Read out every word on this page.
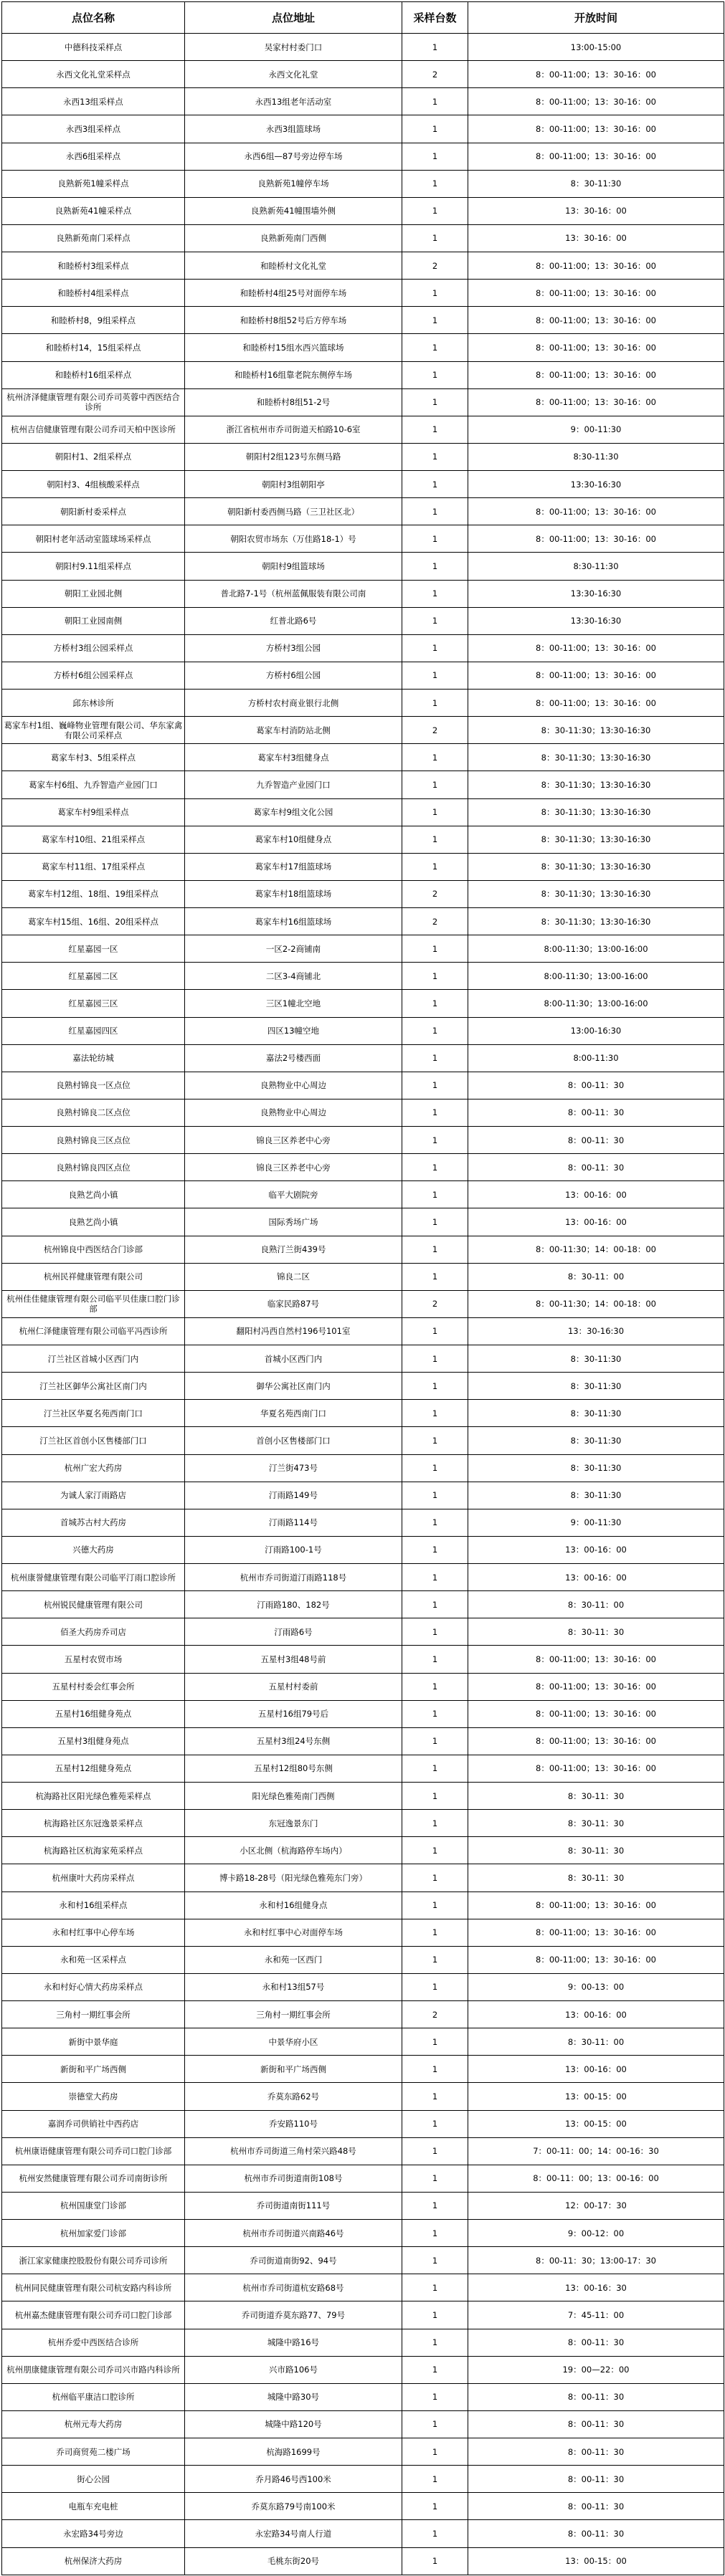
点位名称	点位地址	采样台数	开放时间
中德科技采样点	吴家村村委门口	1	13:00-15:00
永西文化礼堂采样点	永西文化礼堂	2	8：00-11:00；13：30-16：00
永西13组采样点	永西13组老年活动室	1	8：00-11:00；13：30-16：00
永西3组采样点	永西3组篮球场	1	8：00-11:00；13：30-16：00
永西6组采样点	永西6组—87号旁边停车场	1	8：00-11:00；13：30-16：00
良熟新苑1幢采样点	良熟新苑1幢停车场	1	8：30-11:30
良熟新苑41幢采样点	良熟新苑41幢围墙外侧	1	13：30-16：00
良熟新苑南门采样点	良熟新苑南门西侧	1	13：30-16：00
和睦桥村3组采样点	和睦桥村文化礼堂	2	8：00-11:00；13：30-16：00
和睦桥村4组采样点	和睦桥村4组25号对面停车场	1	8：00-11:00；13：30-16：00
和睦桥村8，9组采样点	和睦桥村8组52号后方停车场	1	8：00-11:00；13：30-16：00
和睦桥村14，15组采样点	和睦桥村15组水西兴篮球场	1	8：00-11:00；13：30-16：00
和睦桥村16组采样点	和睦桥村16组靠老院东侧停车场	1	8：00-11:00；13：30-16：00
杭州济泽健康管理有限公司乔司英蓉中西医结合诊所	和睦桥村8组51-2号	1	8：00-11:00；13：30-16：00
杭州吉信健康管理有限公司乔司天柏中医诊所	浙江省杭州市乔司街道天柏路10-6室	1	9：00-11:30
朝阳村1、2组采样点	朝阳村2组123号东侧马路	1	8:30-11:30
朝阳村3、4组核酸采样点	朝阳村3组朝阳亭	1	13:30-16:30
朝阳新村委采样点	朝阳新村委西侧马路（三卫社区北）	1	8：00-11:00；13：30-16：00
朝阳村老年活动室篮球场采样点	朝阳农贸市场东（万佳路18-1）号	1	8：00-11:00；13：30-16：00
朝阳村9.11组采样点	朝阳村9组篮球场	1	8:30-11:30
朝阳工业园北侧	普北路7-1号（杭州蓝佩服装有限公司南	1	13:30-16:30
朝阳工业园南侧	红普北路6号	1	13:30-16:30
方桥村3组公园采样点	方桥村3组公园	1	8：00-11:00；13：30-16：00
方桥村6组公园采样点	方桥村6组公园	1	8：00-11:00；13：30-16：00
邱东林诊所	方桥村农村商业银行北侧	1	8：00-11:00；13：30-16：00
葛家车村1组、巍峰物业管理有限公司、华东家禽有限公司采样点	葛家车村消防站北侧	2	8：30-11:30；13:30-16:30
葛家车村3、5组采样点	葛家车村3组健身点	1	8：30-11:30；13:30-16:30
葛家车村6组、九乔智造产业园门口	九乔智造产业园门口	1	8：30-11:30；13:30-16:30
葛家车村9组采样点	葛家车村9组文化公园	1	8：30-11:30；13:30-16:30
葛家车村10组、21组采样点	葛家车村10组健身点	1	8：30-11:30；13:30-16:30
葛家车村11组、17组采样点	葛家车村17组篮球场	1	8：30-11:30；13:30-16:30
葛家车村12组、18组、19组采样点	葛家车村18组篮球场	2	8：30-11:30；13:30-16:30
葛家车村15组、16组、20组采样点	葛家车村16组篮球场	2	8：30-11:30；13:30-16:30
红星嘉园一区	一区2-2商铺南	1	8:00-11:30；13:00-16:00
红星嘉园二区	二区3-4商铺北	1	8:00-11:30；13:00-16:00
红星嘉园三区	三区1幢北空地	1	8:00-11:30；13:00-16:00
红星嘉园四区	四区13幢空地	1	13:00-16:30
嘉法轮纺城	嘉法2号楼西面	1	8:00-11:30
良熟村锦良一区点位	良熟物业中心周边	1	8：00-11：30
良熟村锦良二区点位	良熟物业中心周边	1	8：00-11：30
良熟村锦良三区点位	锦良三区养老中心旁	1	8：00-11：30
良熟村锦良四区点位	锦良三区养老中心旁	1	8：00-11：30
良熟艺尚小镇	临平大剧院旁	1	13：00-16：00
良熟艺尚小镇	国际秀场广场	1	13：00-16：00
杭州锦良中西医结合门诊部	良熟汀兰街439号	1	8：00-11:30；14：00-18：00
杭州民祥健康管理有限公司	锦良二区	1	8：30-11：00
杭州佳佳健康管理有限公司临平贝佳康口腔门诊部	临家民路87号	2	8：00-11:30；14：00-18：00
杭州仁泽健康管理有限公司临平冯西诊所	翻阳村冯西自然村196号101室	1	13：30-16:30
汀兰社区首城小区西门内	首城小区西门内	1	8：30-11:30
汀兰社区御华公寓社区南门内	御华公寓社区南门内	1	8：30-11:30
汀兰社区华夏名苑西南门口	华夏名苑西南门口	1	8：30-11:30
汀兰社区首创小区售楼部门口	首创小区售楼部门口	1	8：30-11:30
杭州广宏大药房	汀兰街473号	1	8：30-11:30
为诚人家汀雨路店	汀雨路149号	1	8：30-11:30
首城苏古村大药房	汀雨路114号	1	9：00-11:30
兴德大药房	汀雨路100-1号	1	13：00-16：00
杭州康誉健康管理有限公司临平汀雨口腔诊所	杭州市乔司街道汀雨路118号	1	13：00-16：00
杭州锐民健康管理有限公司	汀雨路180、182号	1	8：30-11：00
佰圣大药房乔司店	汀雨路6号	1	8：30-11：30
五星村农贸市场	五星村3组48号前	1	8：00-11:00；13：30-16：00
五星村村委会红事会所	五星村村委前	1	8：00-11:00；13：30-16：00
五星村16组健身苑点	五星村16组79号后	1	8：00-11:00；13：30-16：00
五星村3组健身苑点	五星村3组24号东侧	1	8：00-11:00；13：30-16：00
五星村12组健身苑点	五星村12组80号东侧	1	8：00-11:00；13：30-16：00
杭海路社区阳光绿色雅苑采样点	阳光绿色雅苑南门西侧	1	8：30-11：30
杭海路社区东冠逸景采样点	东冠逸景东门	1	8：30-11：30
杭海路社区杭海家苑采样点	小区北侧（杭海路停车场内）	1	8：30-11：30
杭州康叶大药房采样点	博卡路18-28号（阳光绿色雅苑东门旁）	1	8：30-11：30
永和村16组采样点	永和村16组健身点	1	8：00-11:00；13：30-16：00
永和村红事中心停车场	永和村红事中心对面停车场	1	8：00-11:00；13：30-16：00
永和苑一区采样点	永和苑一区西门	1	8：00-11:00；13：30-16：00
永和村好心情大药房采样点	永和村13组57号	1	9：00-13：00
三角村一期红事会所	三角村一期红事会所	2	13：00-16：00
新街中景华庭	中景华府小区	1	8：30-11：00
新街和平广场西侧	新街和平广场西侧	1	13：00-16：00
崇德堂大药房	乔莫东路62号	1	13：00-15：00
嘉润乔司供销社中西药店	乔安路110号	1	13：00-15：00
杭州康语健康管理有限公司乔司口腔门诊部	杭州市乔司街道三角村荣兴路48号	1	7：00-11：00；14：00-16：30
杭州安然健康管理有限公司乔司南街诊所	杭州市乔司街道南街108号	1	8：00-11：00；13：00-16：00
杭州国康堂门诊部	乔司街道南街111号	1	12：00-17：30
杭州加家爱门诊部	杭州市乔司街道兴南路46号	1	9：00-12：00
浙江家家健康控股股份有限公司乔司诊所	乔司街道南街92、94号	1	8：00-11：30；13:00-17：30
杭州同民健康管理有限公司杭安路内科诊所	杭州市乔司街道杭安路68号	1	13：00-16：30
杭州嘉杰健康管理有限公司乔司口腔门诊部	乔司街道乔莫东路77、79号	1	7：45-11：00
杭州乔爱中西医结合诊所	城隆中路16号	1	8：00-11：30
杭州朋康健康管理有限公司乔司兴市路内科诊所	兴市路106号	1	19：00—22：00
杭州临平康洁口腔诊所	城隆中路30号	1	8：00-11：30
杭州元寿大药房	城隆中路120号	1	8：00-11：30
乔司商贸苑二楼广场	杭海路1699号	1	8：00-11：30
街心公园	乔月路46号西100米	1	8：00-11：30
电瓶车充电桩	乔莫东路79号南100米	1	8：00-11：30
永宏路34号旁边	永宏路34号南人行道	1	8：00-11：30
杭州保济大药房	毛桃东街20号	1	13：00-15：00
